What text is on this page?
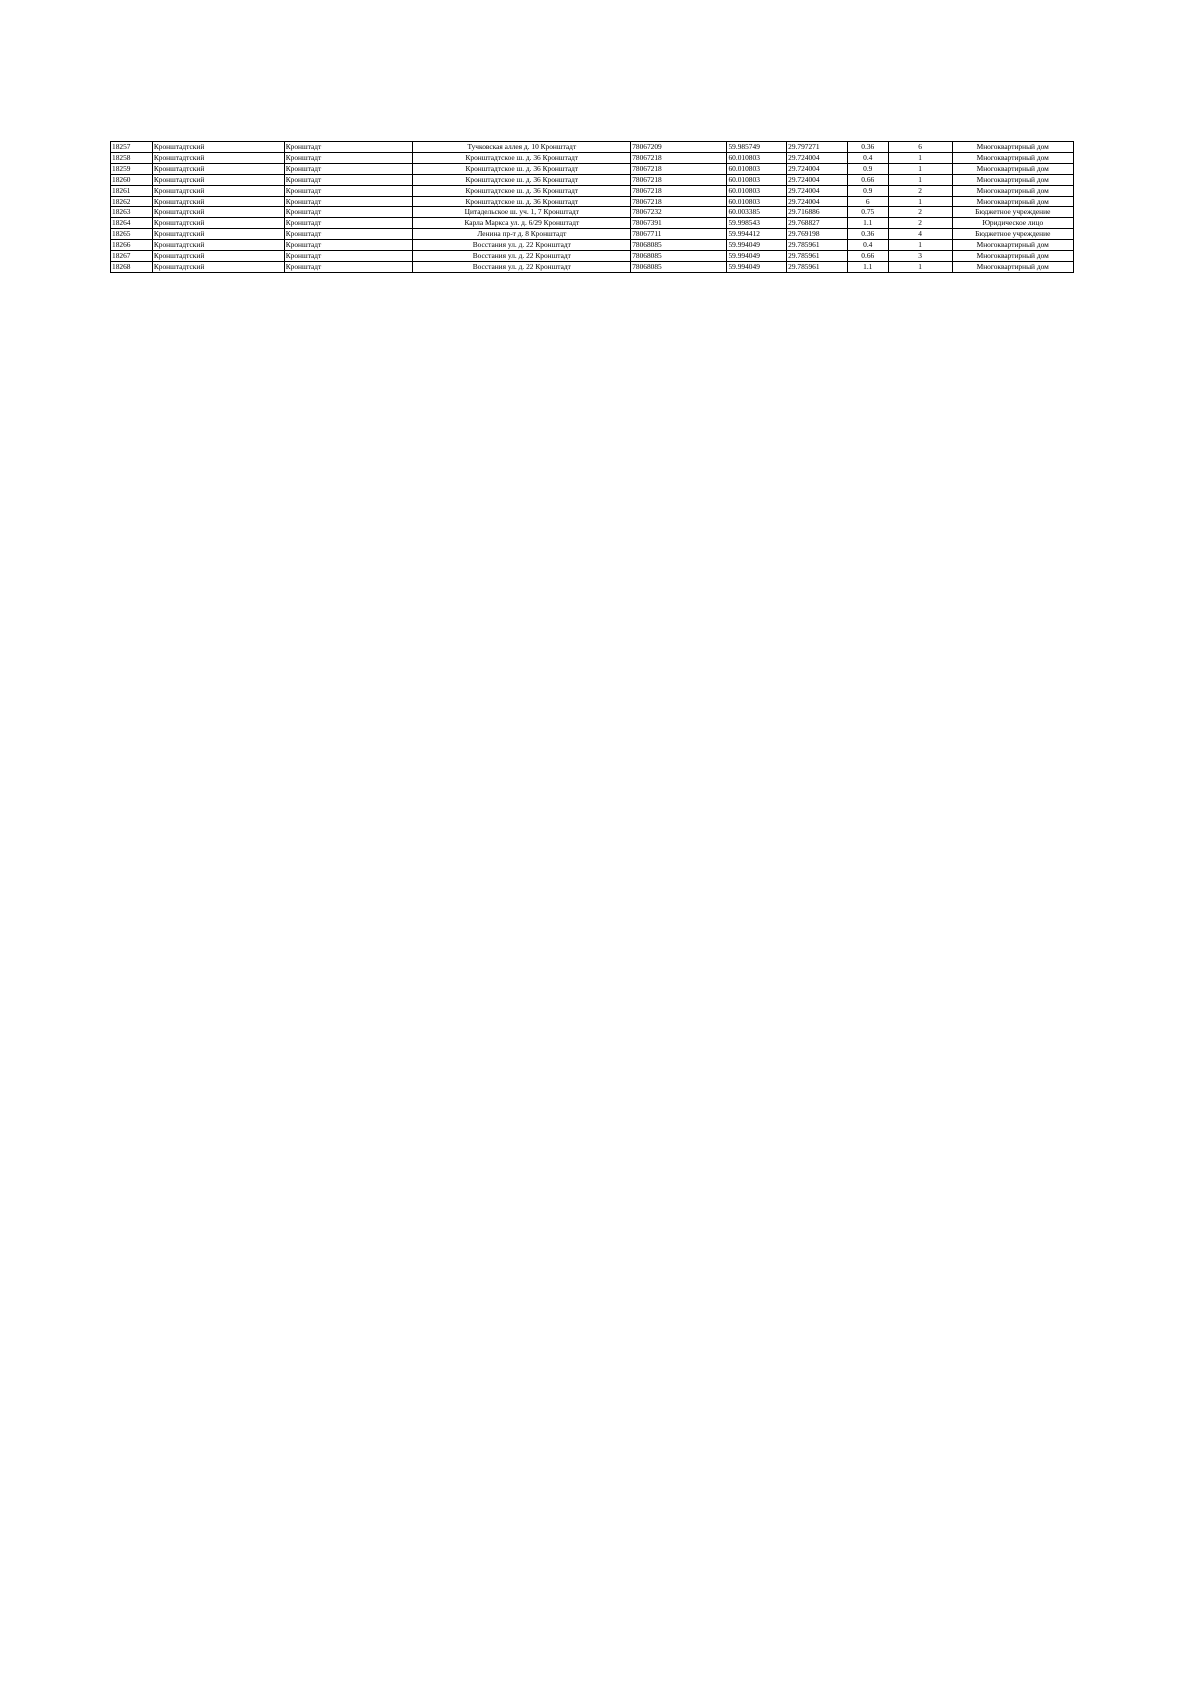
18257	Кронштадтский	Кронштадт	Тучковская аллея д. 10 Кронштадт	78067209	59.985749	29.797271	0.36	6	Многоквартирный дом
18258	Кронштадтский	Кронштадт	Кронштадтское ш. д. 36 Кронштадт	78067218	60.010803	29.724004	0.4	1	Многоквартирный дом
18259	Кронштадтский	Кронштадт	Кронштадтское ш. д. 36 Кронштадт	78067218	60.010803	29.724004	0.9	1	Многоквартирный дом
18260	Кронштадтский	Кронштадт	Кронштадтское ш. д. 36 Кронштадт	78067218	60.010803	29.724004	0.66	1	Многоквартирный дом
18261	Кронштадтский	Кронштадт	Кронштадтское ш. д. 36 Кронштадт	78067218	60.010803	29.724004	0.9	2	Многоквартирный дом
18262	Кронштадтский	Кронштадт	Кронштадтское ш. д. 36 Кронштадт	78067218	60.010803	29.724004	6	1	Многоквартирный дом
18263	Кронштадтский	Кронштадт	Цитадельское ш. уч. 1, 7 Кронштадт	78067232	60.003385	29.716886	0.75	2	Бюджетное учреждение
18264	Кронштадтский	Кронштадт	Карла Маркса ул. д. 6/29 Кронштадт	78067391	59.998543	29.768827	1.1	2	Юридическое лицо
18265	Кронштадтский	Кронштадт	Ленина пр-т д. 8 Кронштадт	78067711	59.994412	29.769198	0.36	4	Бюджетное учреждение
18266	Кронштадтский	Кронштадт	Восстания ул. д. 22 Кронштадт	78068085	59.994049	29.785961	0.4	1	Многоквартирный дом
18267	Кронштадтский	Кронштадт	Восстания ул. д. 22 Кронштадт	78068085	59.994049	29.785961	0.66	3	Многоквартирный дом
18268	Кронштадтский	Кронштадт	Восстания ул. д. 22 Кронштадт	78068085	59.994049	29.785961	1.1	1	Многоквартирный дом
